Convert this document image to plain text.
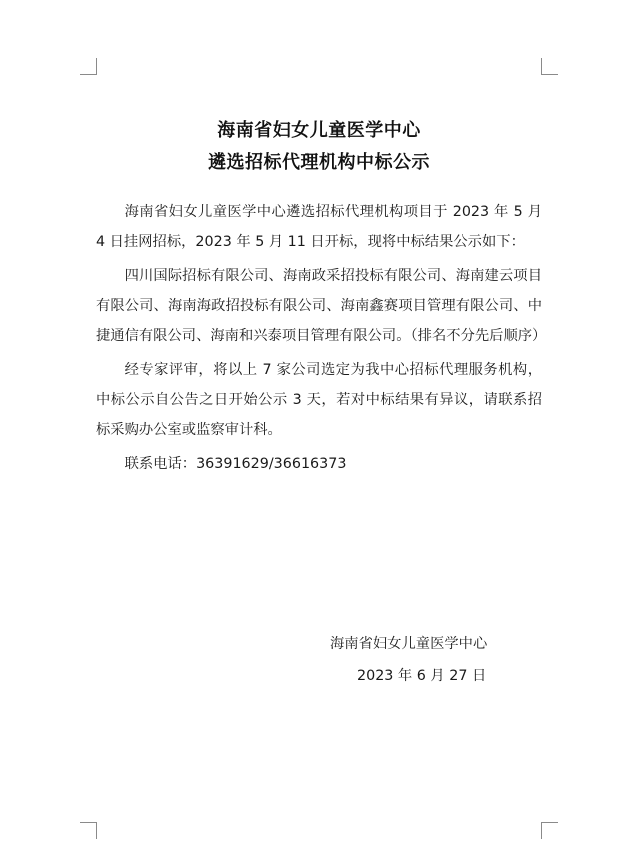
海南省妇女儿童医学中心
遴选招标代理机构中标公示

海南省妇女儿童医学中心遴选招标代理机构项目于 2023 年 5 月 4 日挂网招标，2023 年 5 月 11 日开标，现将中标结果公示如下：

四川国际招标有限公司、海南政采招投标有限公司、海南建云项目有限公司、海南海政招投标有限公司、海南鑫赛项目管理有限公司、中捷通信有限公司、海南和兴泰项目管理有限公司。（排名不分先后顺序）

经专家评审，将以上 7 家公司选定为我中心招标代理服务机构，中标公示自公告之日开始公示 3 天，若对中标结果有异议，请联系招标采购办公室或监察审计科。

联系电话：36391629/36616373

海南省妇女儿童医学中心
2023 年 6 月 27 日
